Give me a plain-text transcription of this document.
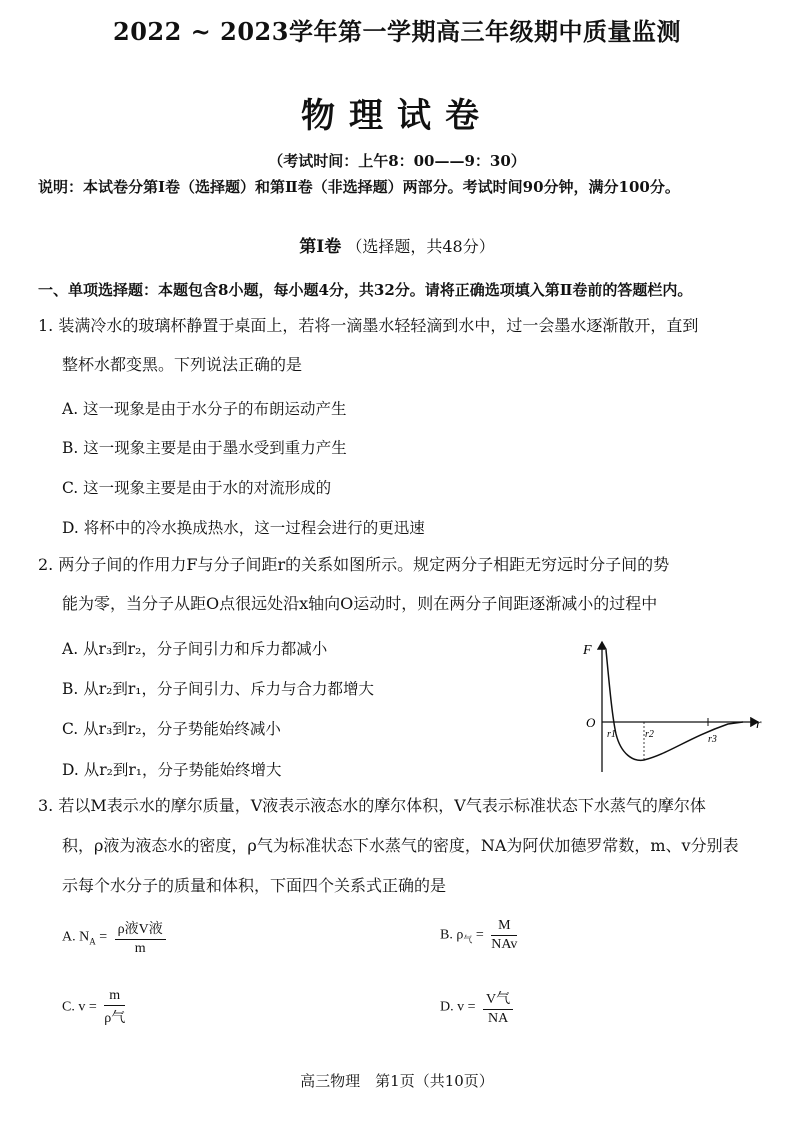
2022 ~ 2023学年第一学期高三年级期中质量监测
物理试卷
（考试时间：上午8：00——9：30）
说明：本试卷分第Ⅰ卷（选择题）和第Ⅱ卷（非选择题）两部分。考试时间90分钟，满分100分。
第Ⅰ卷 （选择题，共48分）
一、单项选择题：本题包含8小题，每小题4分，共32分。请将正确选项填入第Ⅱ卷前的答题栏内。
1. 装满冷水的玻璃杯静置于桌面上，若将一滴墨水轻轻滴到水中，过一会墨水逐渐散开，直到
整杯水都变黑。下列说法正确的是
A. 这一现象是由于水分子的布朗运动产生
B. 这一现象主要是由于墨水受到重力产生
C. 这一现象主要是由于水的对流形成的
D. 将杯中的冷水换成热水，这一过程会进行的更迅速
2. 两分子间的作用力F与分子间距r的关系如图所示。规定两分子相距无穷远时分子间的势
能为零，当分子从距O点很远处沿x轴向O运动时，则在两分子间距逐渐减小的过程中
A. 从r₃到r₂，分子间引力和斥力都减小
B. 从r₂到r₁，分子间引力、斥力与合力都增大
C. 从r₃到r₂，分子势能始终减小
D. 从r₂到r₁，分子势能始终增大
F
r
O
r1	r2	r3
3. 若以M表示水的摩尔质量，V液表示液态水的摩尔体积，V气表示标准状态下水蒸气的摩尔体
积，ρ液为液态水的密度，ρ气为标准状态下水蒸气的密度，NA为阿伏加德罗常数，m、v分别表
示每个水分子的质量和体积，下面四个关系式正确的是
A. $N_A = \frac{\text{ρ液V液}}{m}$	B. $\rho_气 = \frac{M}{\text{NAv}}$
C. $v = \frac{m}{\text{ρ气}}$	D. $v = \frac{\text{V气}}{NA}$
高三物理　第1页（共10页）
